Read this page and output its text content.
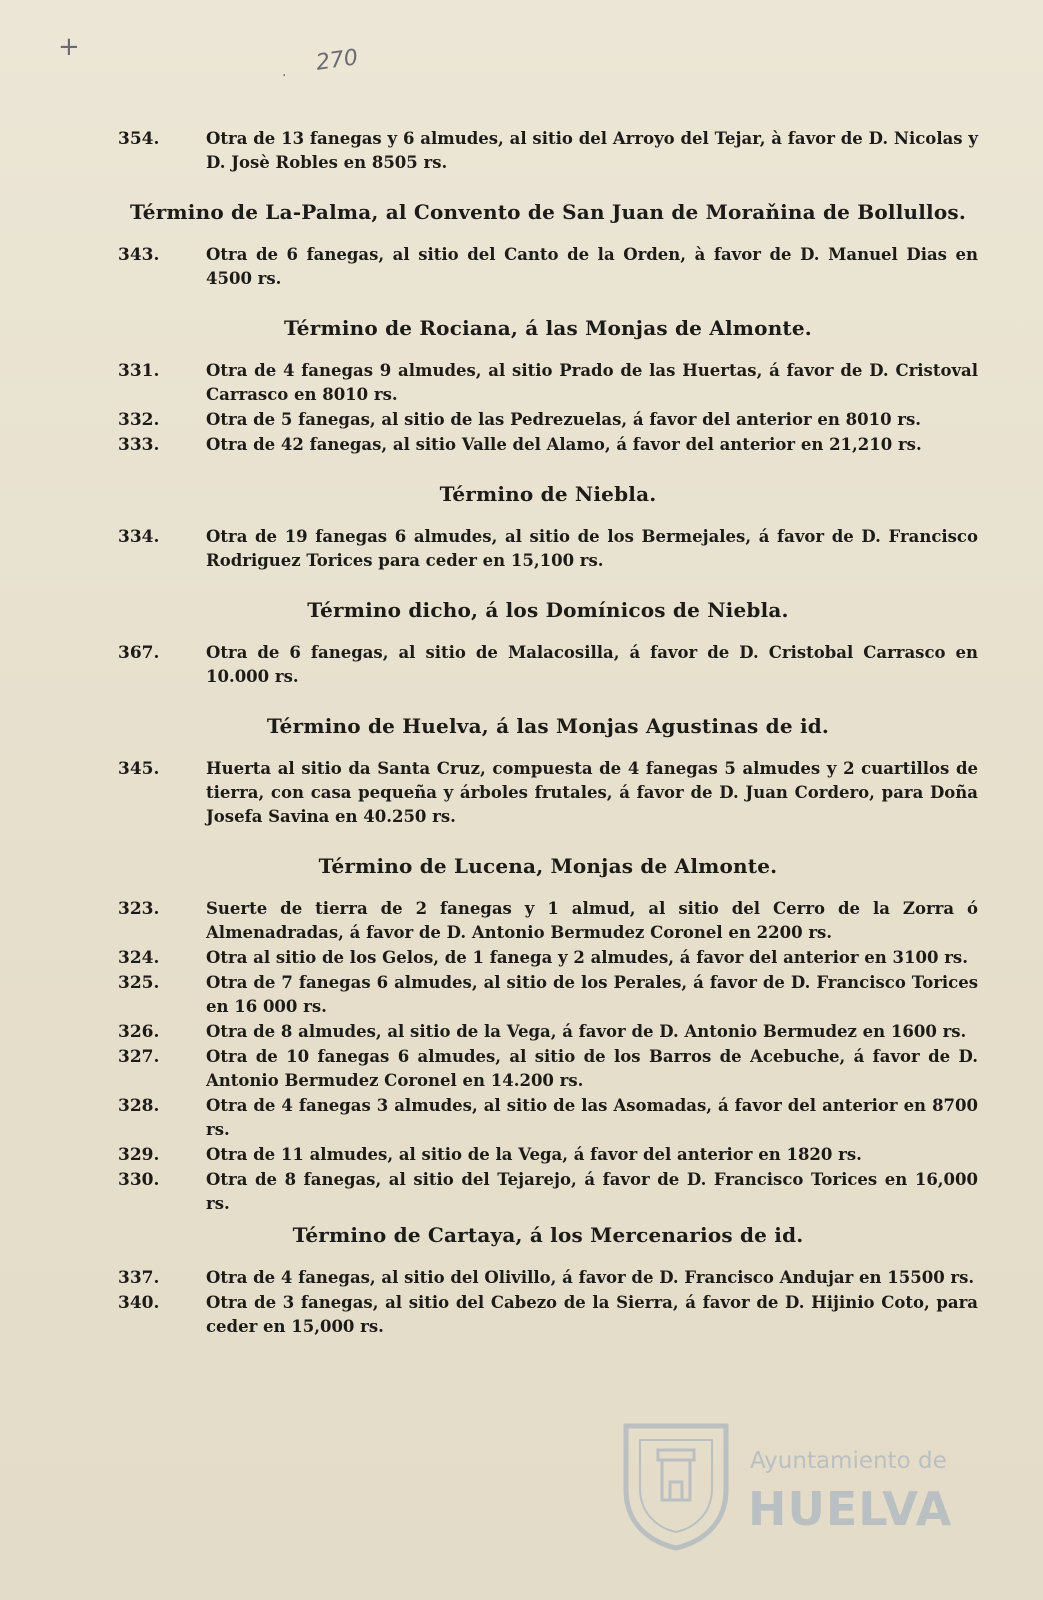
+
·
270
354.	Otra de 13 fanegas y 6 almudes, al sitio del Arroyo del Tejar, à favor de D. Nicolas y D. Josè Robles en 8505 rs.
Término de La-Palma, al Convento de San Juan de Moraňina de Bollullos.
343.	Otra de 6 fanegas, al sitio del Canto de la Orden, à favor de D. Manuel Dias en 4500 rs.
Término de Rociana, á las Monjas de Almonte.
331.	Otra de 4 fanegas 9 almudes, al sitio Prado de las Huertas, á favor de D. Cristoval Carrasco en 8010 rs.
332.	Otra de 5 fanegas, al sitio de las Pedrezuelas, á favor del anterior en 8010 rs.
333.	Otra de 42 fanegas, al sitio Valle del Alamo, á favor del anterior en 21,210 rs.
Término de Niebla.
334.	Otra de 19 fanegas 6 almudes, al sitio de los Bermejales, á favor de D. Francisco Rodriguez Torices para ceder en 15,100 rs.
Término dicho, á los Domínicos de Niebla.
367.	Otra de 6 fanegas, al sitio de Malacosilla, á favor de D. Cristobal Carrasco en 10.000 rs.
Término de Huelva, á las Monjas Agustinas de id.
345.	Huerta al sitio da Santa Cruz, compuesta de 4 fanegas 5 almudes y 2 cuartillos de tierra, con casa pequeña y árboles frutales, á favor de D. Juan Cordero, para Doña Josefa Savina en 40.250 rs.
Término de Lucena, Monjas de Almonte.
323.	Suerte de tierra de 2 fanegas y 1 almud, al sitio del Cerro de la Zorra ó Almenadradas, á favor de D. Antonio Bermudez Coronel en 2200 rs.
324.	Otra al sitio de los Gelos, de 1 fanega y 2 almudes, á favor del anterior en 3100 rs.
325.	Otra de 7 fanegas 6 almudes, al sitio de los Perales, á favor de D. Francisco Torices en 16 000 rs.
326.	Otra de 8 almudes, al sitio de la Vega, á favor de D. Antonio Bermudez en 1600 rs.
327.	Otra de 10 fanegas 6 almudes, al sitio de los Barros de Acebuche, á favor de D. Antonio Bermudez Coronel en 14.200 rs.
328.	Otra de 4 fanegas 3 almudes, al sitio de las Asomadas, á favor del anterior en 8700 rs.
329.	Otra de 11 almudes, al sitio de la Vega, á favor del anterior en 1820 rs.
330.	Otra de 8 fanegas, al sitio del Tejarejo, á favor de D. Francisco Torices en 16,000 rs.
Término de Cartaya, á los Mercenarios de id.
337.	Otra de 4 fanegas, al sitio del Olivillo, á favor de D. Francisco Andujar en 15500 rs.
340.	Otra de 3 fanegas, al sitio del Cabezo de la Sierra, á favor de D. Hijinio Coto, para ceder en 15,000 rs.
Ayuntamiento de
HUELVA
